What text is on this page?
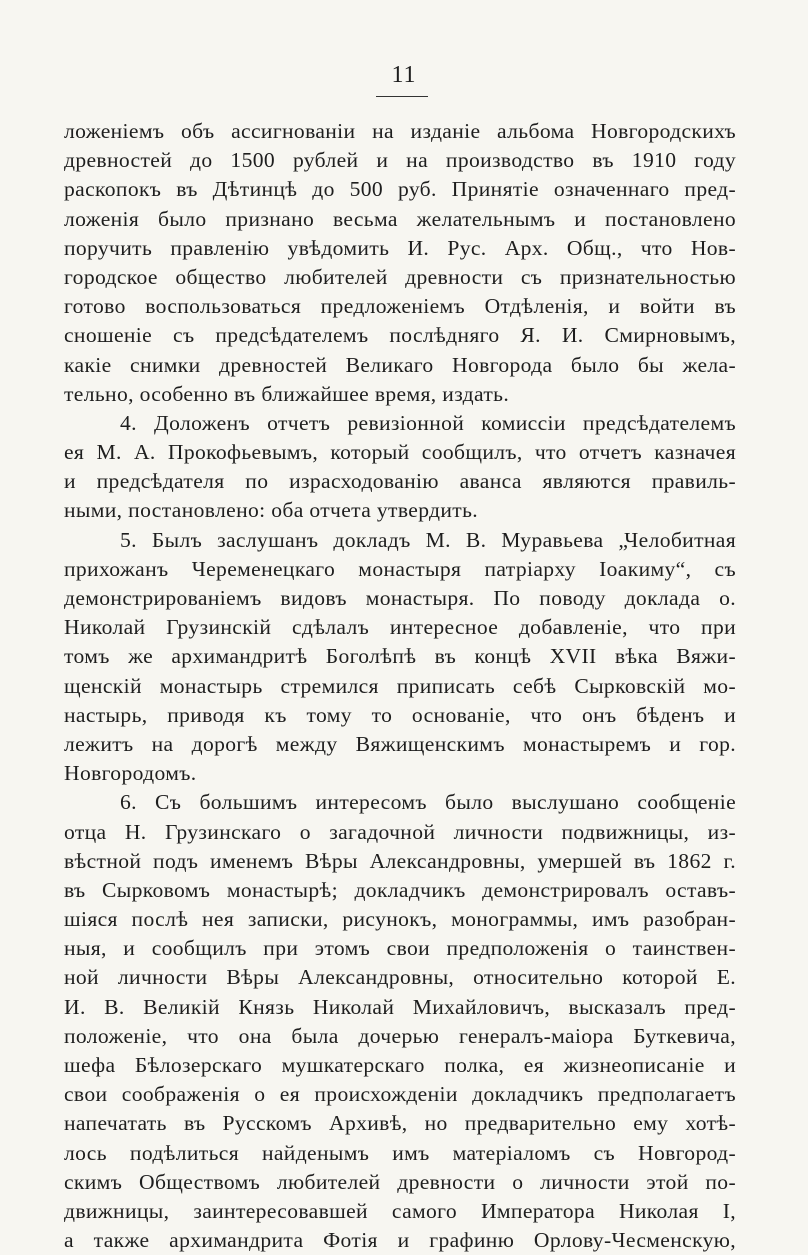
11
ложеніемъ объ ассигнованіи на изданіе альбома Новгородскихъ
древностей до 1500 рублей и на производство въ 1910 году
раскопокъ въ Дѣтинцѣ до 500 руб. Принятіе означеннаго пред-
ложенія было признано весьма желательнымъ и постановлено
поручить правленію увѣдомить И. Рус. Арх. Общ., что Нов-
городское общество любителей древности съ признательностью
готово воспользоваться предложеніемъ Отдѣленія, и войти въ
сношеніе съ предсѣдателемъ послѣдняго Я. И. Смирновымъ,
какіе снимки древностей Великаго Новгорода было бы жела-
тельно, особенно въ ближайшее время, издать.
4. Доложенъ отчетъ ревизіонной комиссіи предсѣдателемъ
ея М. А. Прокофьевымъ, который сообщилъ, что отчетъ казначея
и предсѣдателя по израсходованію аванса являются правиль-
ными, постановлено: оба отчета утвердить.
5. Былъ заслушанъ докладъ М. В. Муравьева „Челобитная
прихожанъ Череменецкаго монастыря патріарху Іоакиму“, съ
демонстрированіемъ видовъ монастыря. По поводу доклада о.
Николай Грузинскій сдѣлалъ интересное добавленіе, что при
томъ же архимандритѣ Боголѣпѣ въ концѣ XVII вѣка Вяжи-
щенскій монастырь стремился приписать себѣ Сырковскій мо-
настырь, приводя къ тому то основаніе, что онъ бѣденъ и
лежитъ на дорогѣ между Вяжищенскимъ монастыремъ и гор.
Новгородомъ.
6. Съ большимъ интересомъ было выслушано сообщеніе
отца Н. Грузинскаго о загадочной личности подвижницы, из-
вѣстной подъ именемъ Вѣры Александровны, умершей въ 1862 г.
въ Сырковомъ монастырѣ; докладчикъ демонстрировалъ оставъ-
шіяся послѣ нея записки, рисунокъ, монограммы, имъ разобран-
ныя, и сообщилъ при этомъ свои предположенія о таинствен-
ной личности Вѣры Александровны, относительно которой Е.
И. В. Великій Князь Николай Михайловичъ, высказалъ пред-
положеніе, что она была дочерью генералъ-маіора Буткевича,
шефа Бѣлозерскаго мушкатерскаго полка, ея жизнеописаніе и
свои соображенія о ея происхожденіи докладчикъ предполагаетъ
напечатать въ Русскомъ Архивѣ, но предварительно ему хотѣ-
лось подѣлиться найденымъ имъ матеріаломъ съ Новгород-
скимъ Обществомъ любителей древности о личности этой по-
движницы, заинтересовавшей самого Императора Николая I,
а также архимандрита Фотія и графиню Орлову-Чесменскую,
